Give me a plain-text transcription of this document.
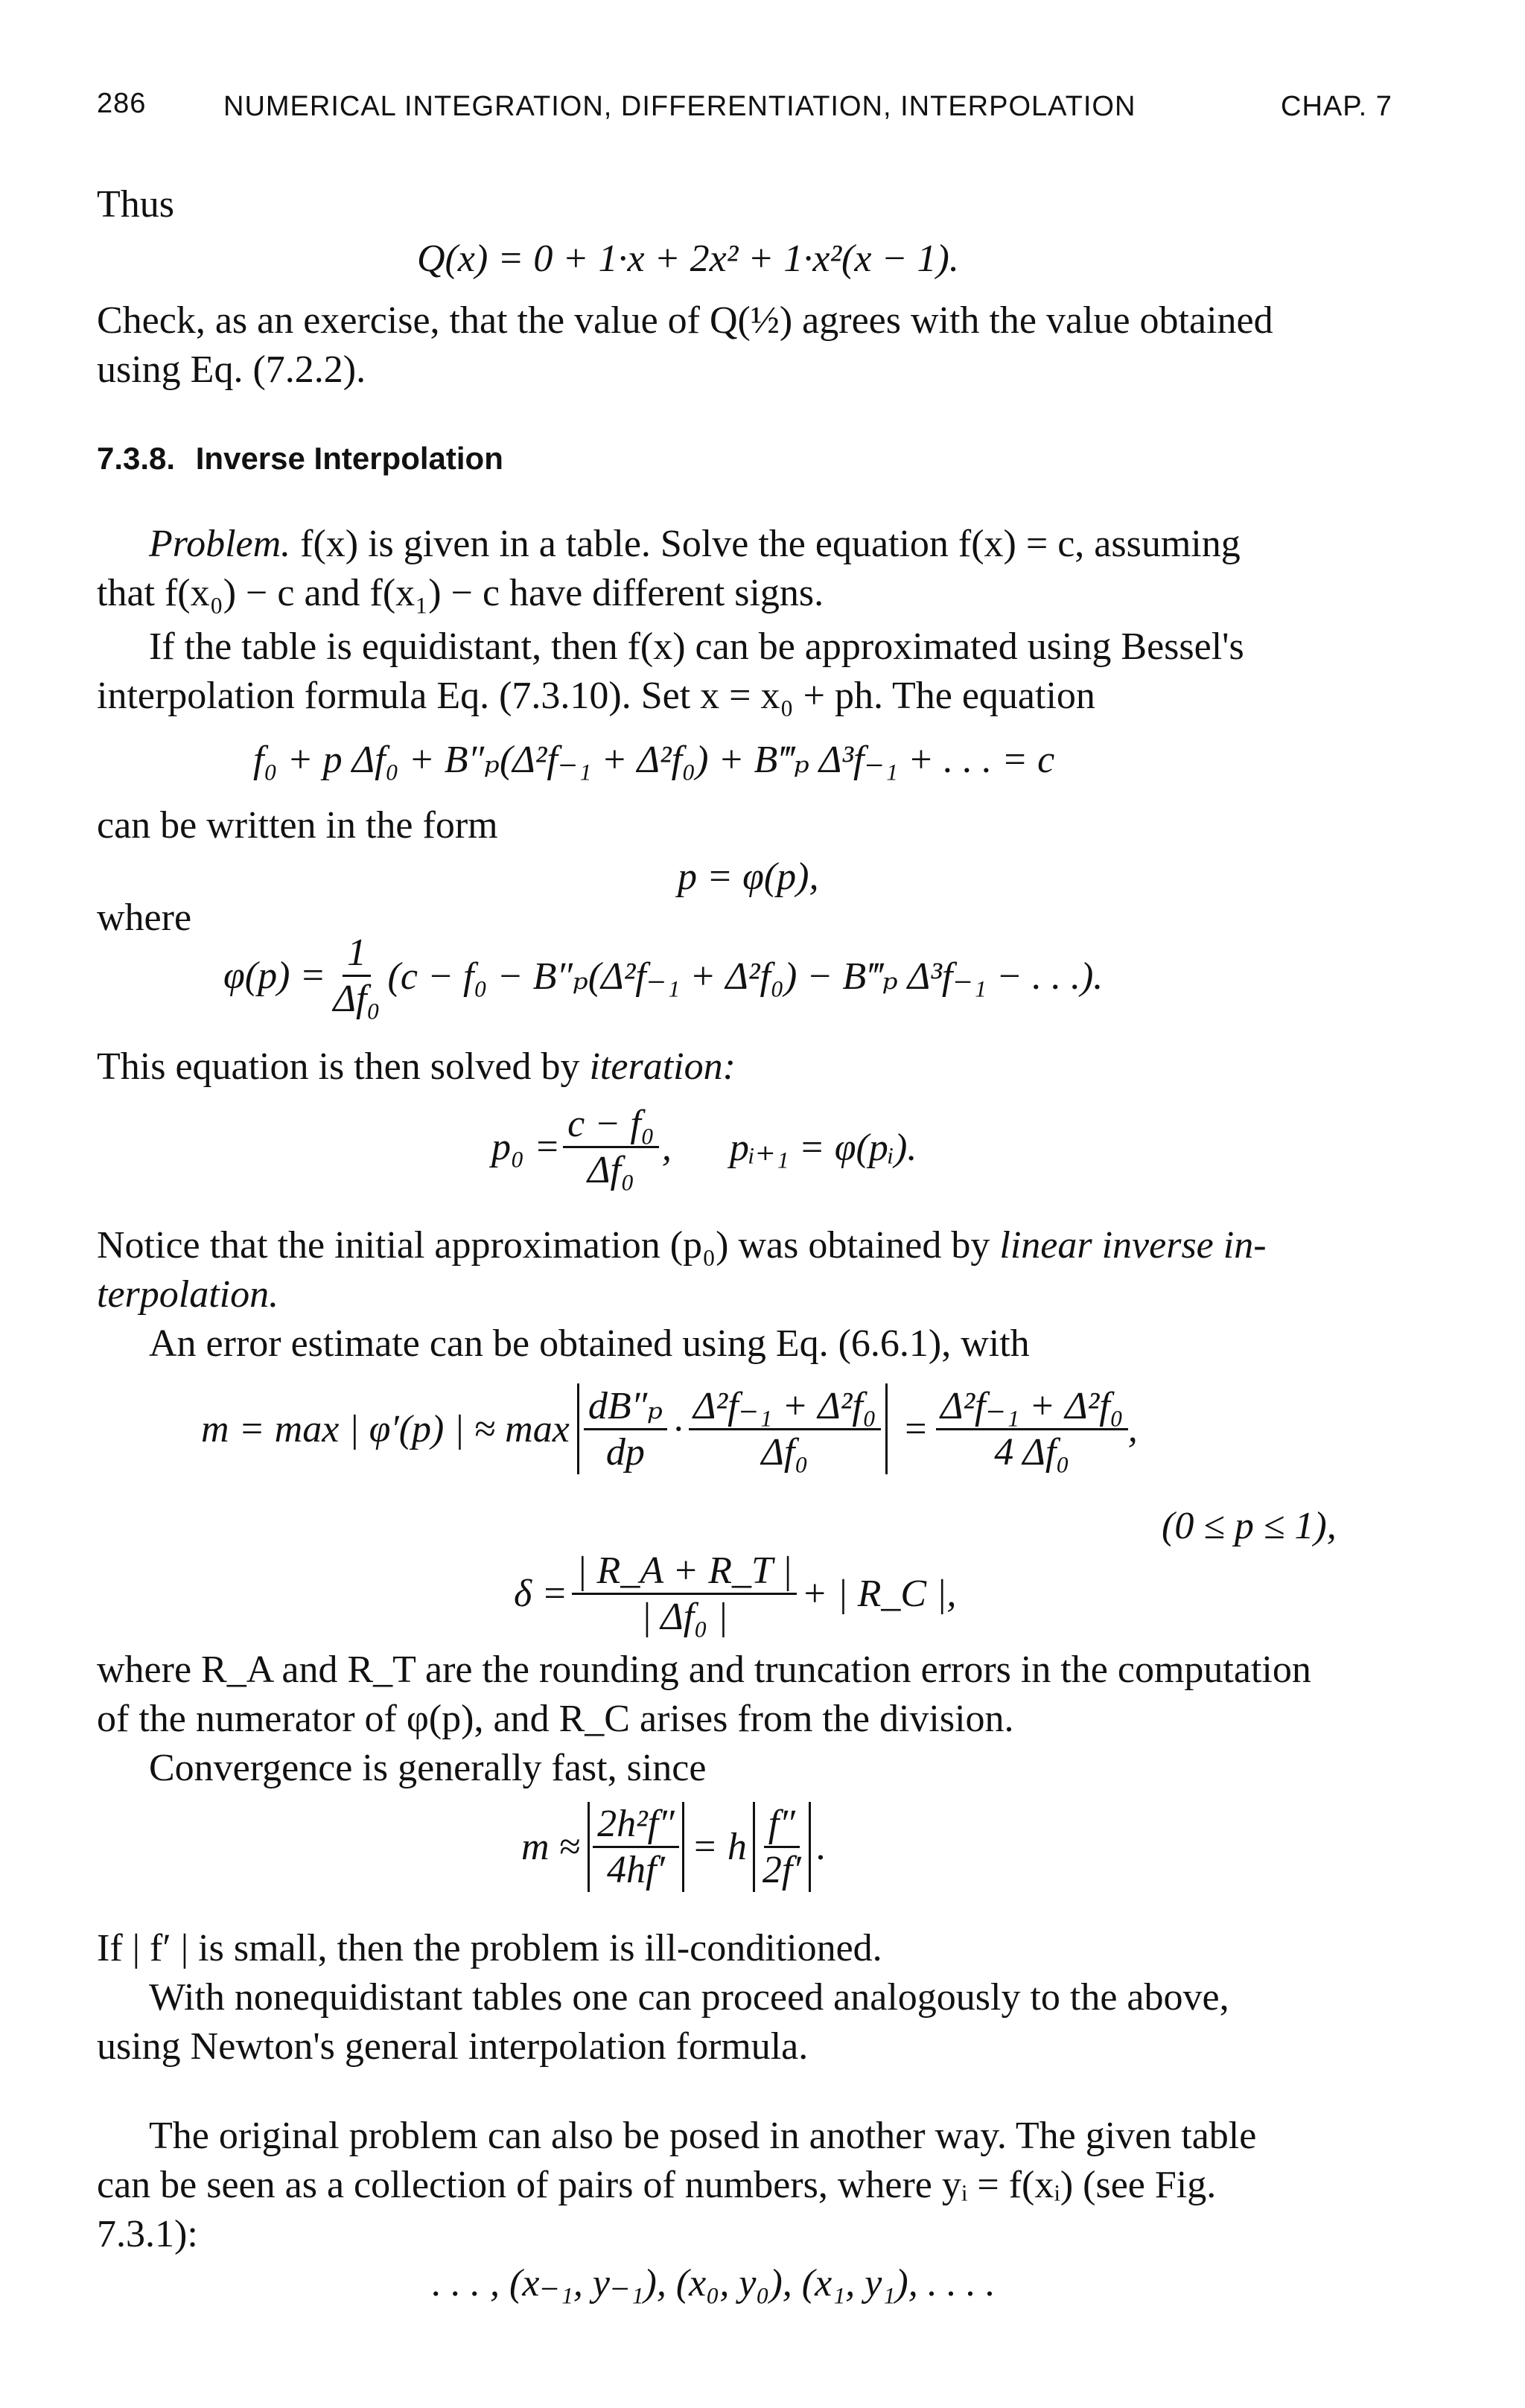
286	NUMERICAL INTEGRATION, DIFFERENTIATION, INTERPOLATION	CHAP. 7
Thus
Q(x) = 0 + 1·x + 2x² + 1·x²(x − 1).
Check, as an exercise, that the value of Q(½) agrees with the value obtained
using Eq. (7.2.2).
7.3.8. Inverse Interpolation
Problem. f(x) is given in a table. Solve the equation f(x) = c, assuming
that f(x₀) − c and f(x₁) − c have different signs.
If the table is equidistant, then f(x) can be approximated using Bessel's
interpolation formula Eq. (7.3.10). Set x = x₀ + ph. The equation
f₀ + p Δf₀ + B″ₚ(Δ²f₋₁ + Δ²f₀) + B‴ₚ Δ³f₋₁ + . . . = c
can be written in the form
p = φ(p),
where
$\varphi(p) = \frac{1}{\text{Δf₀}} (c - f_0 - B''_p(\Delta^2f_{-1} + \Delta^2f_0)$ − B‴ₚ Δ³f₋₁ − . . .).
This equation is then solved by iteration:
$p_0 = \frac{\text{c − f₀}}{\text{Δf₀}}$ ,      pᵢ₊₁ = φ(pᵢ).
Notice that the initial approximation (p₀) was obtained by linear inverse in-
terpolation.
An error estimate can be obtained using Eq. (6.6.1), with
m = max | φ′(p) | ≈ $\max \frac{\text{dB″ₚ}}{dp} \cdot \frac{\text{Δ²f₋₁ + Δ²f₀}}{\text{Δf₀}} = \frac{\text{Δ²f₋₁ + Δ²f₀}}{\text{4 Δf₀}}$ ,
(0 ≤ p ≤ 1),
$\delta = \frac{| R\_A + R\_T |}{\text{| Δf₀ |}}$ + | R_C |,
where R_A and R_T are the rounding and truncation errors in the computation
of the numerator of φ(p), and R_C arises from the division.
Convergence is generally fast, since
$m \approx \frac{\text{2h²f″}}{4hf'} = h \frac{f''}{2f'}$ .
If | f′ | is small, then the problem is ill-conditioned.
With nonequidistant tables one can proceed analogously to the above,
using Newton's general interpolation formula.
The original problem can also be posed in another way. The given table
can be seen as a collection of pairs of numbers, where yᵢ = f(xᵢ) (see Fig.
7.3.1):
. . . , (x₋₁, y₋₁), (x₀, y₀), (x₁, y₁), . . . .
